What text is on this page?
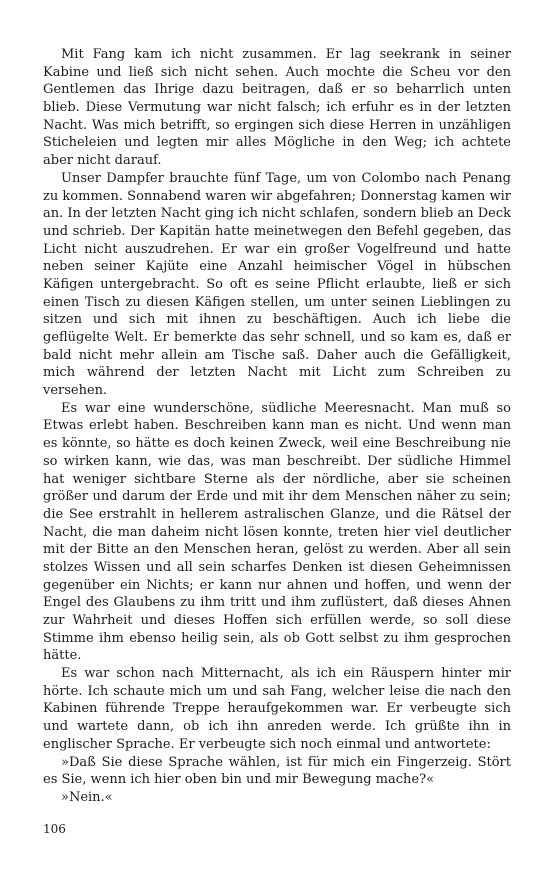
Mit Fang kam ich nicht zusammen. Er lag seekrank in seiner Kabine und ließ sich nicht sehen. Auch mochte die Scheu vor den Gentlemen das Ihrige dazu beitragen, daß er so beharrlich unten blieb. Diese Vermutung war nicht falsch; ich erfuhr es in der letzten Nacht. Was mich betrifft, so ergingen sich diese Herren in unzähligen Sticheleien und legten mir alles Mögliche in den Weg; ich achtete aber nicht darauf.

Unser Dampfer brauchte fünf Tage, um von Colombo nach Penang zu kommen. Sonnabend waren wir abgefahren; Donnerstag kamen wir an. In der letzten Nacht ging ich nicht schlafen, sondern blieb an Deck und schrieb. Der Kapitän hatte meinetwegen den Befehl gegeben, das Licht nicht auszudrehen. Er war ein großer Vogelfreund und hatte neben seiner Kajüte eine Anzahl heimischer Vögel in hübschen Käfigen untergebracht. So oft es seine Pflicht erlaubte, ließ er sich einen Tisch zu diesen Käfigen stellen, um unter seinen Lieblingen zu sitzen und sich mit ihnen zu beschäftigen. Auch ich liebe die geflügelte Welt. Er bemerkte das sehr schnell, und so kam es, daß er bald nicht mehr allein am Tische saß. Daher auch die Gefälligkeit, mich während der letzten Nacht mit Licht zum Schreiben zu versehen.

Es war eine wunderschöne, südliche Meeresnacht. Man muß so Etwas erlebt haben. Beschreiben kann man es nicht. Und wenn man es könnte, so hätte es doch keinen Zweck, weil eine Beschreibung nie so wirken kann, wie das, was man beschreibt. Der südliche Himmel hat weniger sichtbare Sterne als der nördliche, aber sie scheinen größer und darum der Erde und mit ihr dem Menschen näher zu sein; die See erstrahlt in hellerem astralischen Glanze, und die Rätsel der Nacht, die man daheim nicht lösen konnte, treten hier viel deutlicher mit der Bitte an den Menschen heran, gelöst zu werden. Aber all sein stolzes Wissen und all sein scharfes Denken ist diesen Geheimnissen gegenüber ein Nichts; er kann nur ahnen und hoffen, und wenn der Engel des Glaubens zu ihm tritt und ihm zuflüstert, daß dieses Ahnen zur Wahrheit und dieses Hoffen sich erfüllen werde, so soll diese Stimme ihm ebenso heilig sein, als ob Gott selbst zu ihm gesprochen hätte.

Es war schon nach Mitternacht, als ich ein Räuspern hinter mir hörte. Ich schaute mich um und sah Fang, welcher leise die nach den Kabinen führende Treppe heraufgekommen war. Er verbeugte sich und wartete dann, ob ich ihn anreden werde. Ich grüßte ihn in englischer Sprache. Er verbeugte sich noch einmal und antwortete:

»Daß Sie diese Sprache wählen, ist für mich ein Fingerzeig. Stört es Sie, wenn ich hier oben bin und mir Bewegung mache?«

»Nein.«

106
